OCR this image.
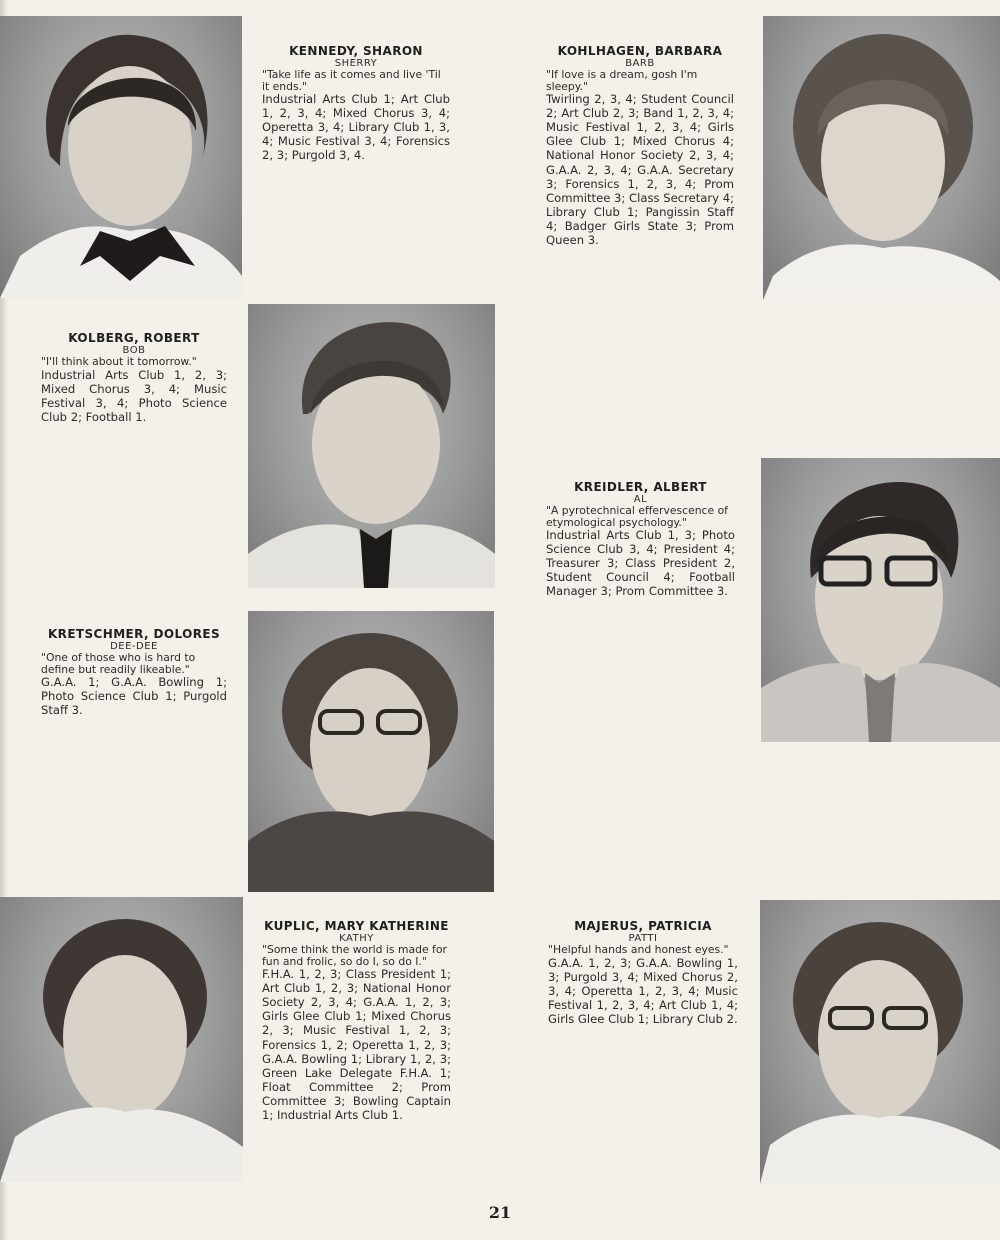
KENNEDY, SHARON
SHERRY
"Take life as it comes and live 'Til it ends."
Industrial Arts Club 1; Art Club 1, 2, 3, 4; Mixed Chorus 3, 4; Operetta 3, 4; Library Club 1, 3, 4; Music Festival 3, 4; Forensics 2, 3; Purgold 3, 4.
KOHLHAGEN, BARBARA
BARB
"If love is a dream, gosh I'm sleepy."
Twirling 2, 3, 4; Student Council 2; Art Club 2, 3; Band 1, 2, 3, 4; Music Festival 1, 2, 3, 4; Girls Glee Club 1; Mixed Chorus 4; National Honor Society 2, 3, 4; G.A.A. 2, 3, 4; G.A.A. Secretary 3; Forensics 1, 2, 3, 4; Prom Committee 3; Class Secretary 4; Library Club 1; Pangissin Staff 4; Badger Girls State 3; Prom Queen 3.
KOLBERG, ROBERT
BOB
"I'll think about it tomorrow."
Industrial Arts Club 1, 2, 3; Mixed Chorus 3, 4; Music Festival 3, 4; Photo Science Club 2; Football 1.
KREIDLER, ALBERT
AL
"A pyrotechnical effervescence of etymological psychology."
Industrial Arts Club 1, 3; Photo Science Club 3, 4; President 4; Treasurer 3; Class President 2, Student Council 4; Football Manager 3; Prom Committee 3.
KRETSCHMER, DOLORES
DEE-DEE
"One of those who is hard to define but readily likeable."
G.A.A. 1; G.A.A. Bowling 1; Photo Science Club 1; Purgold Staff 3.
KUPLIC, MARY KATHERINE
KATHY
"Some think the world is made for fun and frolic, so do I, so do I."
F.H.A. 1, 2, 3; Class President 1; Art Club 1, 2, 3; National Honor Society 2, 3, 4; G.A.A. 1, 2, 3; Girls Glee Club 1; Mixed Chorus 2, 3; Music Festival 1, 2, 3; Forensics 1, 2; Operetta 1, 2, 3; G.A.A. Bowling 1; Library 1, 2, 3; Green Lake Delegate F.H.A. 1; Float Committee 2; Prom Committee 3; Bowling Captain 1; Industrial Arts Club 1.
MAJERUS, PATRICIA
PATTI
"Helpful hands and honest eyes."
G.A.A. 1, 2, 3; G.A.A. Bowling 1, 3; Purgold 3, 4; Mixed Chorus 2, 3, 4; Operetta 1, 2, 3, 4; Music Festival 1, 2, 3, 4; Art Club 1, 4; Girls Glee Club 1; Library Club 2.
21
